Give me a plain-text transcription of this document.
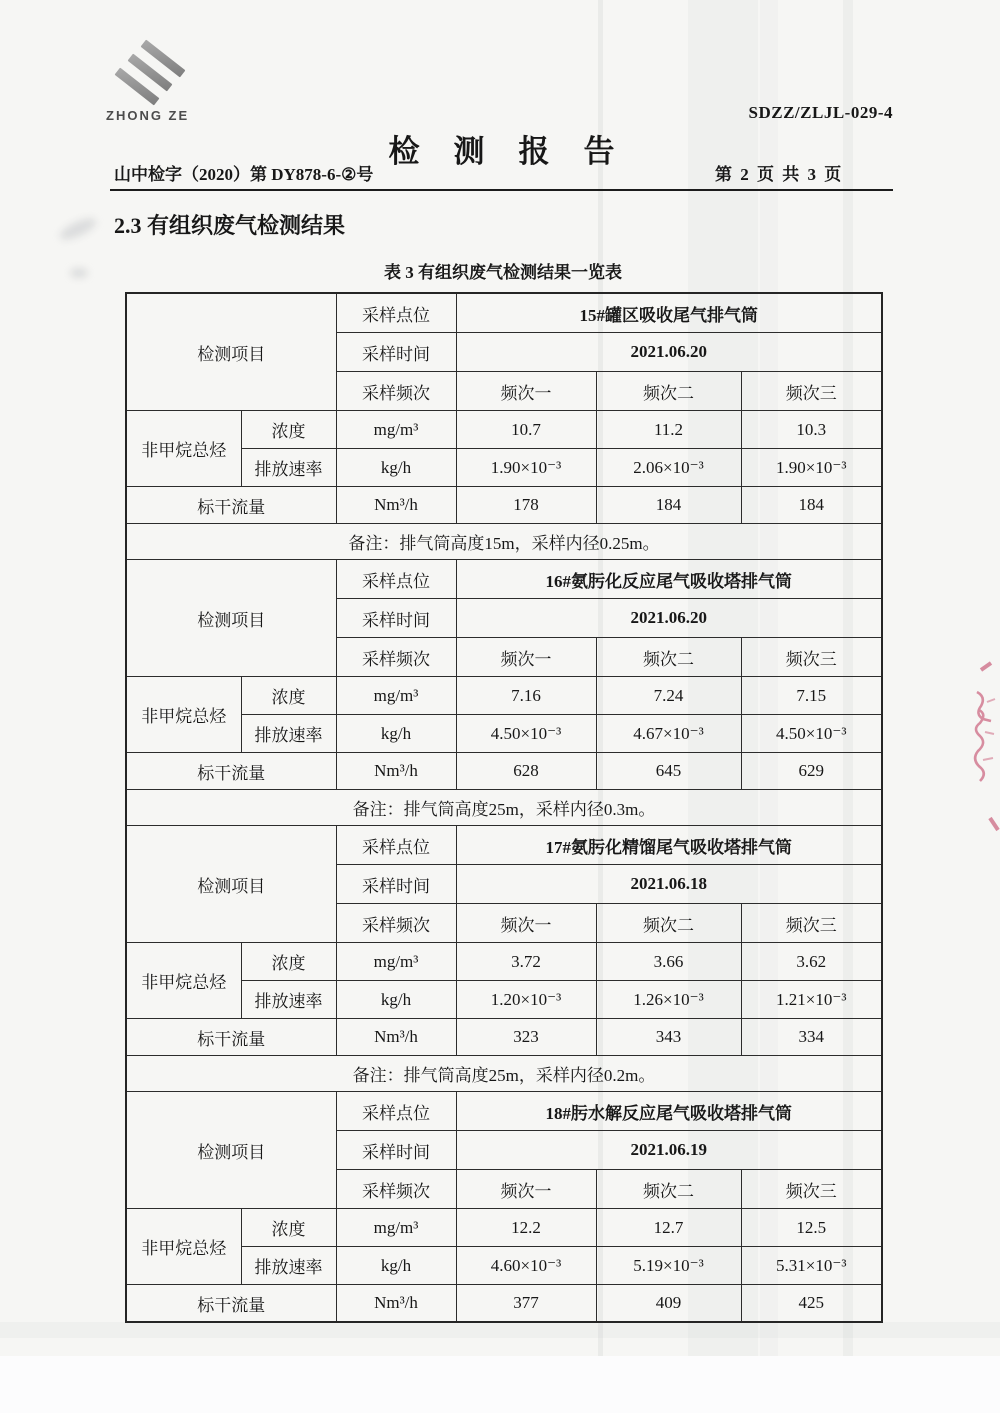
ZHONG ZE	SDZZ/ZLJL-029-4
检测报告
山中检字（2020）第 DY878-6-②号	第 2 页 共 3 页
2.3 有组织废气检测结果
表 3 有组织废气检测结果一览表
检测项目		采样点位	15#罐区吸收尾气排气筒		
		采样时间	2021.06.20		
		采样频次	频次一	频次二	频次三
非甲烷总烃	浓度	mg/m³	10.7	11.2	10.3
	排放速率	kg/h	1.90×10⁻³	2.06×10⁻³	1.90×10⁻³
标干流量		Nm³/h	178	184	184
备注：排气筒高度15m，采样内径0.25m。					
检测项目		采样点位	16#氨肟化反应尾气吸收塔排气筒		
		采样时间	2021.06.20		
		采样频次	频次一	频次二	频次三
非甲烷总烃	浓度	mg/m³	7.16	7.24	7.15
	排放速率	kg/h	4.50×10⁻³	4.67×10⁻³	4.50×10⁻³
标干流量		Nm³/h	628	645	629
备注：排气筒高度25m，采样内径0.3m。					
检测项目		采样点位	17#氨肟化精馏尾气吸收塔排气筒		
		采样时间	2021.06.18		
		采样频次	频次一	频次二	频次三
非甲烷总烃	浓度	mg/m³	3.72	3.66	3.62
	排放速率	kg/h	1.20×10⁻³	1.26×10⁻³	1.21×10⁻³
标干流量		Nm³/h	323	343	334
备注：排气筒高度25m，采样内径0.2m。					
检测项目		采样点位	18#肟水解反应尾气吸收塔排气筒		
		采样时间	2021.06.19		
		采样频次	频次一	频次二	频次三
非甲烷总烃	浓度	mg/m³	12.2	12.7	12.5
	排放速率	kg/h	4.60×10⁻³	5.19×10⁻³	5.31×10⁻³
标干流量		Nm³/h	377	409	425
